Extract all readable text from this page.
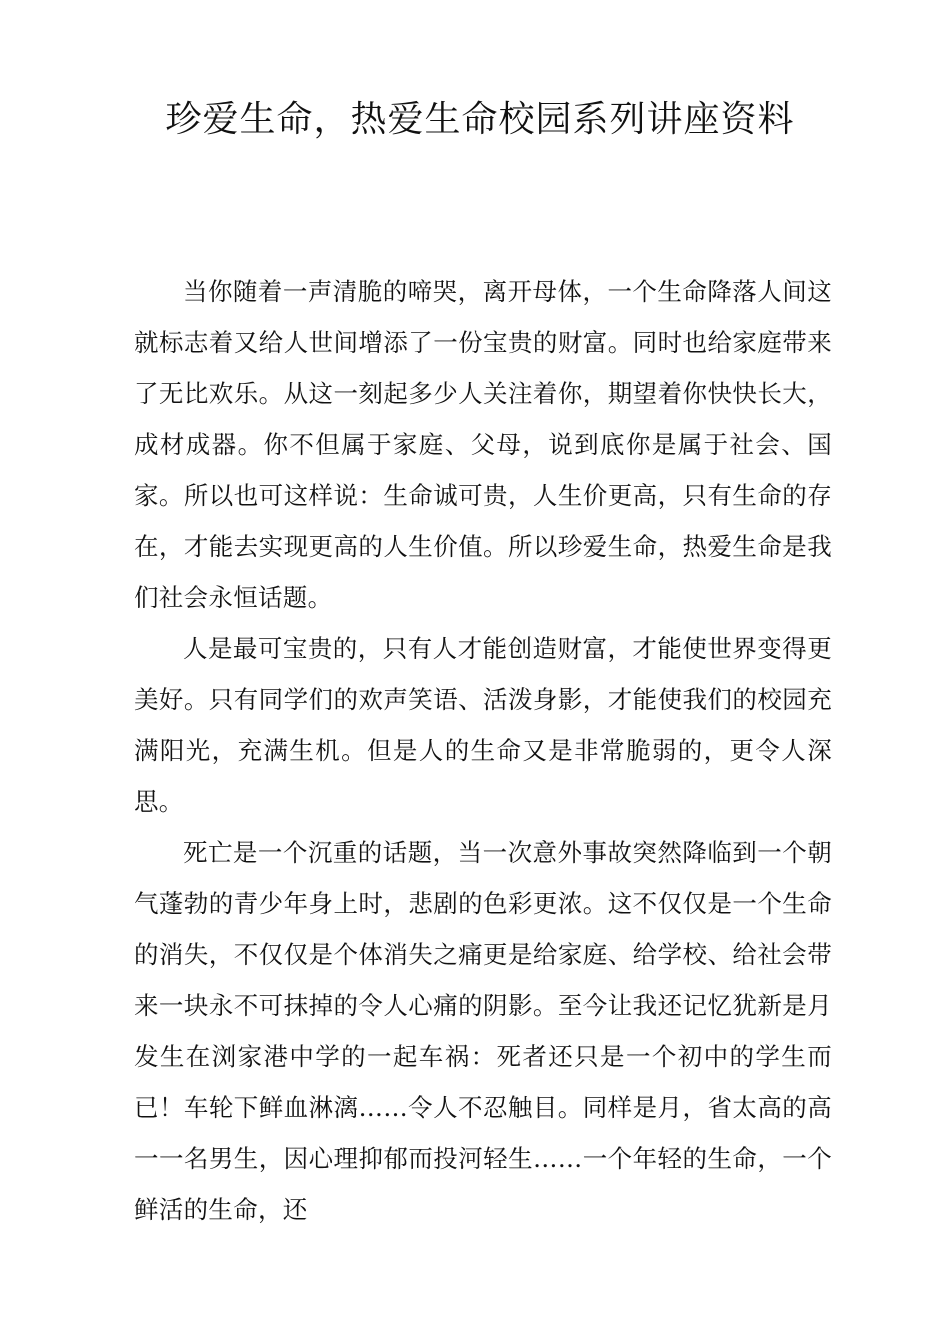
珍爱生命，热爱生命校园系列讲座资料

当你随着一声清脆的啼哭，离开母体，一个生命降落人间这就标志着又给人世间增添了一份宝贵的财富。同时也给家庭带来了无比欢乐。从这一刻起多少人关注着你，期望着你快快长大，成材成器。你不但属于家庭、父母，说到底你是属于社会、国家。所以也可这样说：生命诚可贵，人生价更高，只有生命的存在，才能去实现更高的人生价值。所以珍爱生命，热爱生命是我们社会永恒话题。

人是最可宝贵的，只有人才能创造财富，才能使世界变得更美好。只有同学们的欢声笑语、活泼身影，才能使我们的校园充满阳光，充满生机。但是人的生命又是非常脆弱的，更令人深思。

死亡是一个沉重的话题，当一次意外事故突然降临到一个朝气蓬勃的青少年身上时，悲剧的色彩更浓。这不仅仅是一个生命的消失，不仅仅是个体消失之痛更是给家庭、给学校、给社会带来一块永不可抹掉的令人心痛的阴影。至今让我还记忆犹新是月发生在浏家港中学的一起车祸：死者还只是一个初中的学生而已！车轮下鲜血淋漓……令人不忍触目。同样是月，省太高的高一一名男生，因心理抑郁而投河轻生……一个年轻的生命，一个鲜活的生命，还
